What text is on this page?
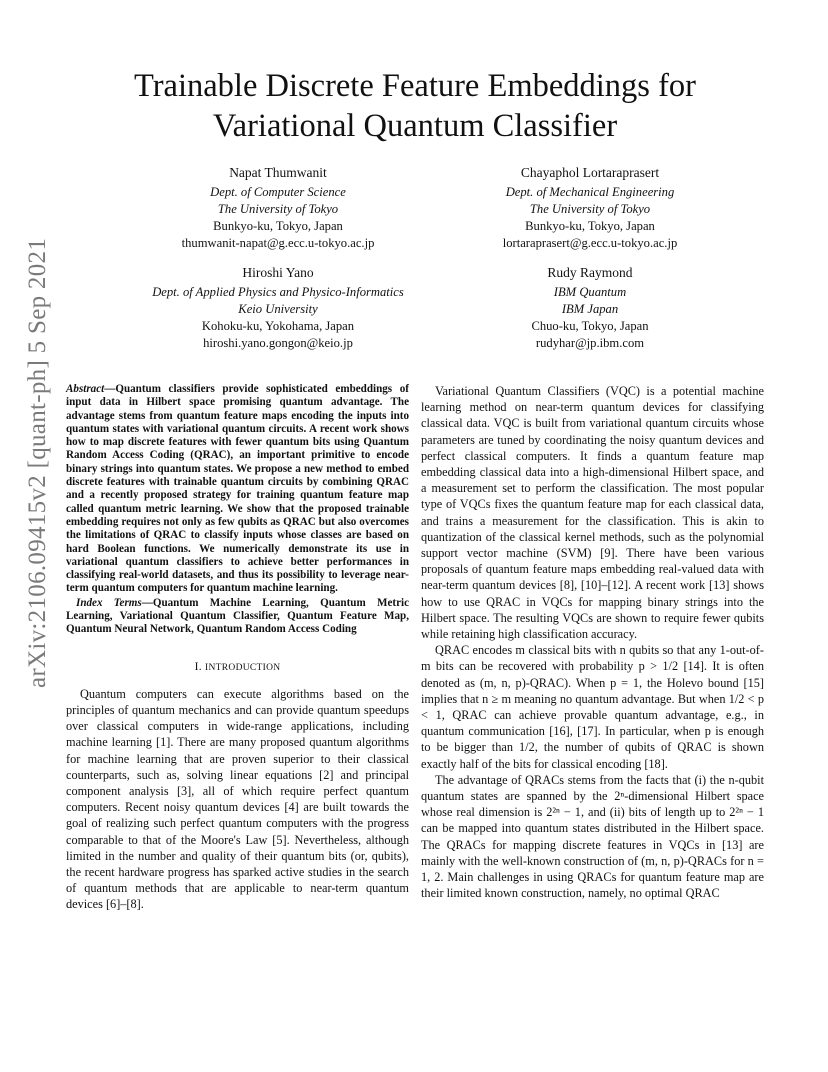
arXiv:2106.09415v2 [quant-ph] 5 Sep 2021
Trainable Discrete Feature Embeddings for Variational Quantum Classifier
Napat Thumwanit
Dept. of Computer Science
The University of Tokyo
Bunkyo-ku, Tokyo, Japan
thumwanit-napat@g.ecc.u-tokyo.ac.jp
Chayaphol Lortaraprasert
Dept. of Mechanical Engineering
The University of Tokyo
Bunkyo-ku, Tokyo, Japan
lortaraprasert@g.ecc.u-tokyo.ac.jp
Hiroshi Yano
Dept. of Applied Physics and Physico-Informatics
Keio University
Kohoku-ku, Yokohama, Japan
hiroshi.yano.gongon@keio.jp
Rudy Raymond
IBM Quantum
IBM Japan
Chuo-ku, Tokyo, Japan
rudyhar@jp.ibm.com
Abstract—Quantum classifiers provide sophisticated embeddings of input data in Hilbert space promising quantum advantage. The advantage stems from quantum feature maps encoding the inputs into quantum states with variational quantum circuits. A recent work shows how to map discrete features with fewer quantum bits using Quantum Random Access Coding (QRAC), an important primitive to encode binary strings into quantum states. We propose a new method to embed discrete features with trainable quantum circuits by combining QRAC and a recently proposed strategy for training quantum feature map called quantum metric learning. We show that the proposed trainable embedding requires not only as few qubits as QRAC but also overcomes the limitations of QRAC to classify inputs whose classes are based on hard Boolean functions. We numerically demonstrate its use in variational quantum classifiers to achieve better performances in classifying real-world datasets, and thus its possibility to leverage near-term quantum computers for quantum machine learning.
Index Terms—Quantum Machine Learning, Quantum Metric Learning, Variational Quantum Classifier, Quantum Feature Map, Quantum Neural Network, Quantum Random Access Coding
I. INTRODUCTION

Quantum computers can execute algorithms based on the principles of quantum mechanics and can provide quantum speedups over classical computers in wide-range applications, including machine learning [1]. There are many proposed quantum algorithms for machine learning that are proven superior to their classical counterparts, such as, solving linear equations [2] and principal component analysis [3], all of which require perfect quantum computers. Recent noisy quantum devices [4] are built towards the goal of realizing such perfect quantum computers with the progress comparable to that of the Moore's Law [5]. Nevertheless, although limited in the number and quality of their quantum bits (or, qubits), the recent hardware progress has sparked active studies in the search of quantum methods that are applicable to near-term quantum devices [6]–[8].

Variational Quantum Classifiers (VQC) is a potential machine learning method on near-term quantum devices for classifying classical data. VQC is built from variational quantum circuits whose parameters are tuned by coordinating the noisy quantum devices and perfect classical computers. It finds a quantum feature map embedding classical data into a high-dimensional Hilbert space, and a measurement set to perform the classification. The most popular type of VQCs fixes the quantum feature map for each classical data, and trains a measurement for the classification. This is akin to quantization of the classical kernel methods, such as the polynomial support vector machine (SVM) [9]. There have been various proposals of quantum feature maps embedding real-valued data with near-term quantum devices [8], [10]–[12]. A recent work [13] shows how to use QRAC in VQCs for mapping binary strings into the Hilbert space. The resulting VQCs are shown to require fewer qubits while retaining high classification accuracy.

QRAC encodes m classical bits with n qubits so that any 1-out-of-m bits can be recovered with probability p > 1/2 [14]. It is often denoted as (m, n, p)-QRAC). When p = 1, the Holevo bound [15] implies that n ≥ m meaning no quantum advantage. But when 1/2 < p < 1, QRAC can achieve provable quantum advantage, e.g., in quantum communication [16], [17]. In particular, when p is enough to be bigger than 1/2, the number of qubits of QRAC is shown exactly half of the bits for classical encoding [18].

The advantage of QRACs stems from the facts that (i) the n-qubit quantum states are spanned by the 2ⁿ-dimensional Hilbert space whose real dimension is 2²ⁿ − 1, and (ii) bits of length up to 2²ⁿ − 1 can be mapped into quantum states distributed in the Hilbert space. The QRACs for mapping discrete features in VQCs in [13] are mainly with the well-known construction of (m, n, p)-QRACs for n = 1, 2. Main challenges in using QRACs for quantum feature map are their limited known construction, namely, no optimal QRAC
